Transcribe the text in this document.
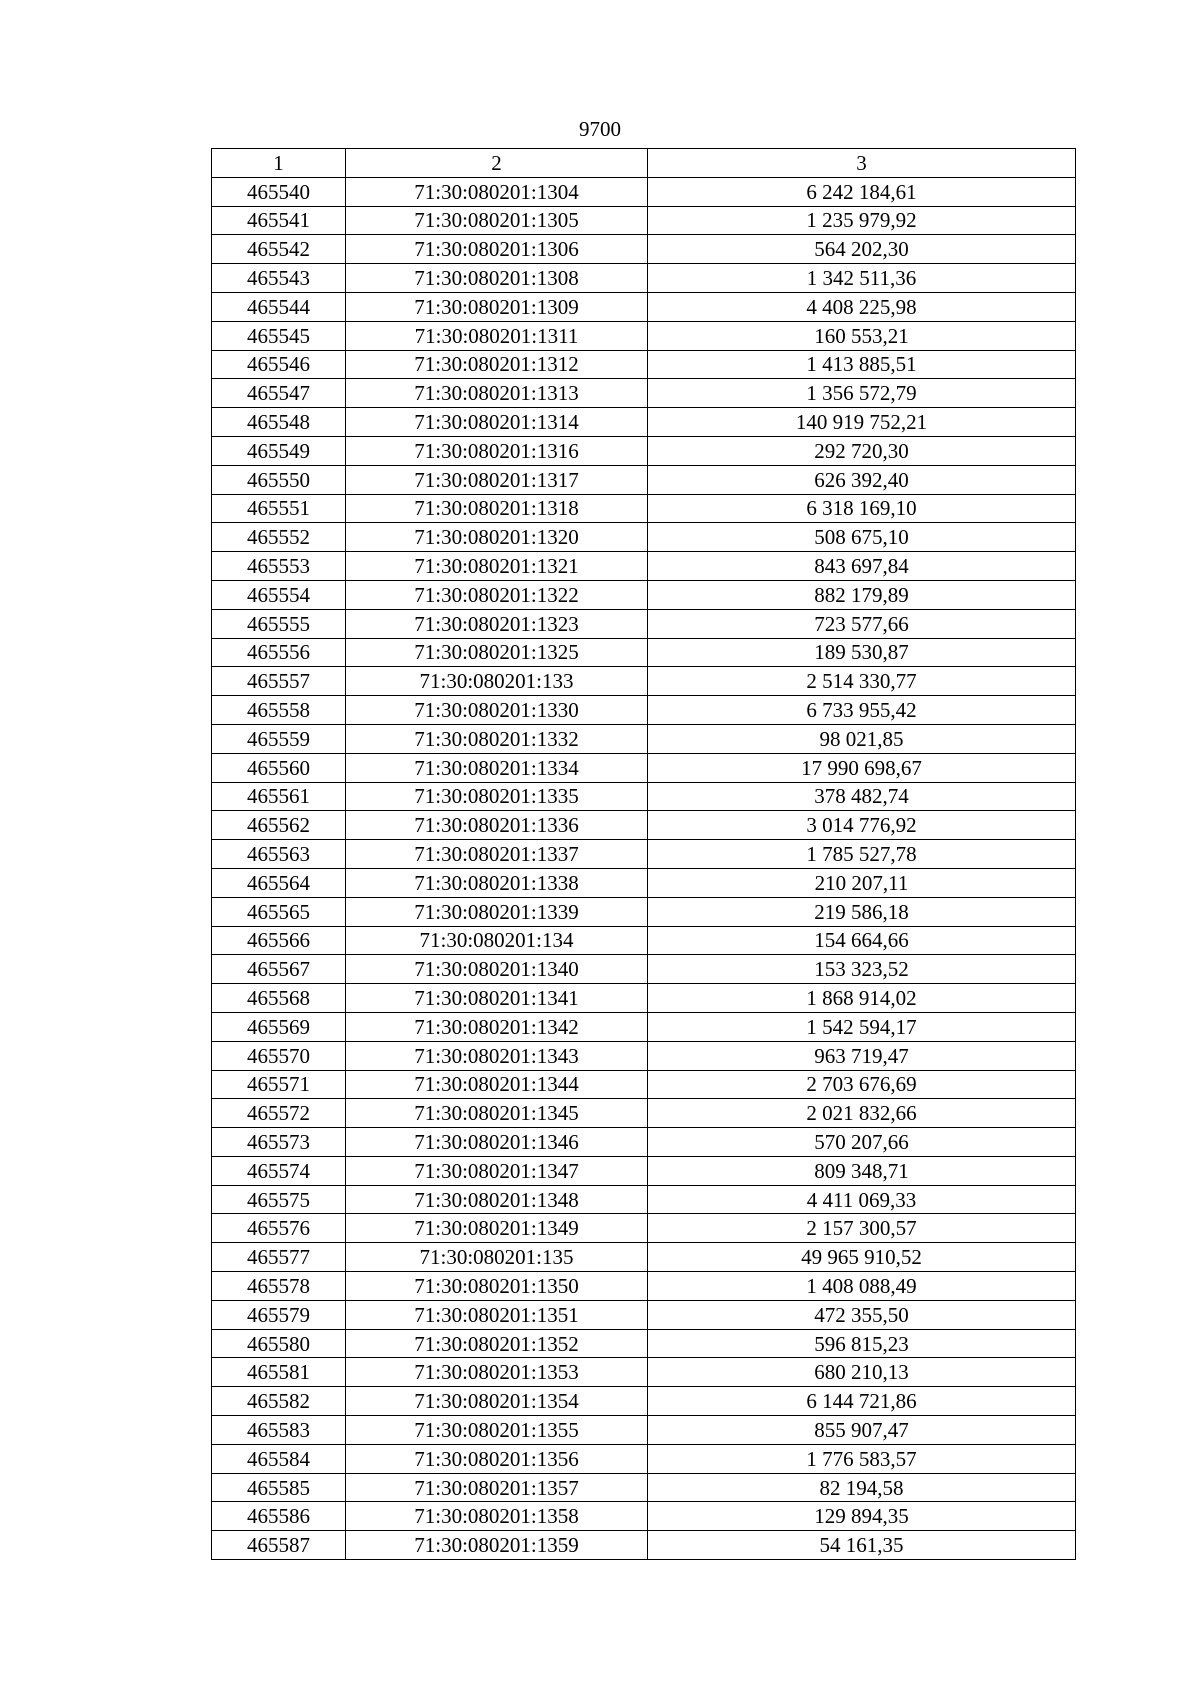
9700
1	2	3
465540	71:30:080201:1304	6 242 184,61
465541	71:30:080201:1305	1 235 979,92
465542	71:30:080201:1306	564 202,30
465543	71:30:080201:1308	1 342 511,36
465544	71:30:080201:1309	4 408 225,98
465545	71:30:080201:1311	160 553,21
465546	71:30:080201:1312	1 413 885,51
465547	71:30:080201:1313	1 356 572,79
465548	71:30:080201:1314	140 919 752,21
465549	71:30:080201:1316	292 720,30
465550	71:30:080201:1317	626 392,40
465551	71:30:080201:1318	6 318 169,10
465552	71:30:080201:1320	508 675,10
465553	71:30:080201:1321	843 697,84
465554	71:30:080201:1322	882 179,89
465555	71:30:080201:1323	723 577,66
465556	71:30:080201:1325	189 530,87
465557	71:30:080201:133	2 514 330,77
465558	71:30:080201:1330	6 733 955,42
465559	71:30:080201:1332	98 021,85
465560	71:30:080201:1334	17 990 698,67
465561	71:30:080201:1335	378 482,74
465562	71:30:080201:1336	3 014 776,92
465563	71:30:080201:1337	1 785 527,78
465564	71:30:080201:1338	210 207,11
465565	71:30:080201:1339	219 586,18
465566	71:30:080201:134	154 664,66
465567	71:30:080201:1340	153 323,52
465568	71:30:080201:1341	1 868 914,02
465569	71:30:080201:1342	1 542 594,17
465570	71:30:080201:1343	963 719,47
465571	71:30:080201:1344	2 703 676,69
465572	71:30:080201:1345	2 021 832,66
465573	71:30:080201:1346	570 207,66
465574	71:30:080201:1347	809 348,71
465575	71:30:080201:1348	4 411 069,33
465576	71:30:080201:1349	2 157 300,57
465577	71:30:080201:135	49 965 910,52
465578	71:30:080201:1350	1 408 088,49
465579	71:30:080201:1351	472 355,50
465580	71:30:080201:1352	596 815,23
465581	71:30:080201:1353	680 210,13
465582	71:30:080201:1354	6 144 721,86
465583	71:30:080201:1355	855 907,47
465584	71:30:080201:1356	1 776 583,57
465585	71:30:080201:1357	82 194,58
465586	71:30:080201:1358	129 894,35
465587	71:30:080201:1359	54 161,35
